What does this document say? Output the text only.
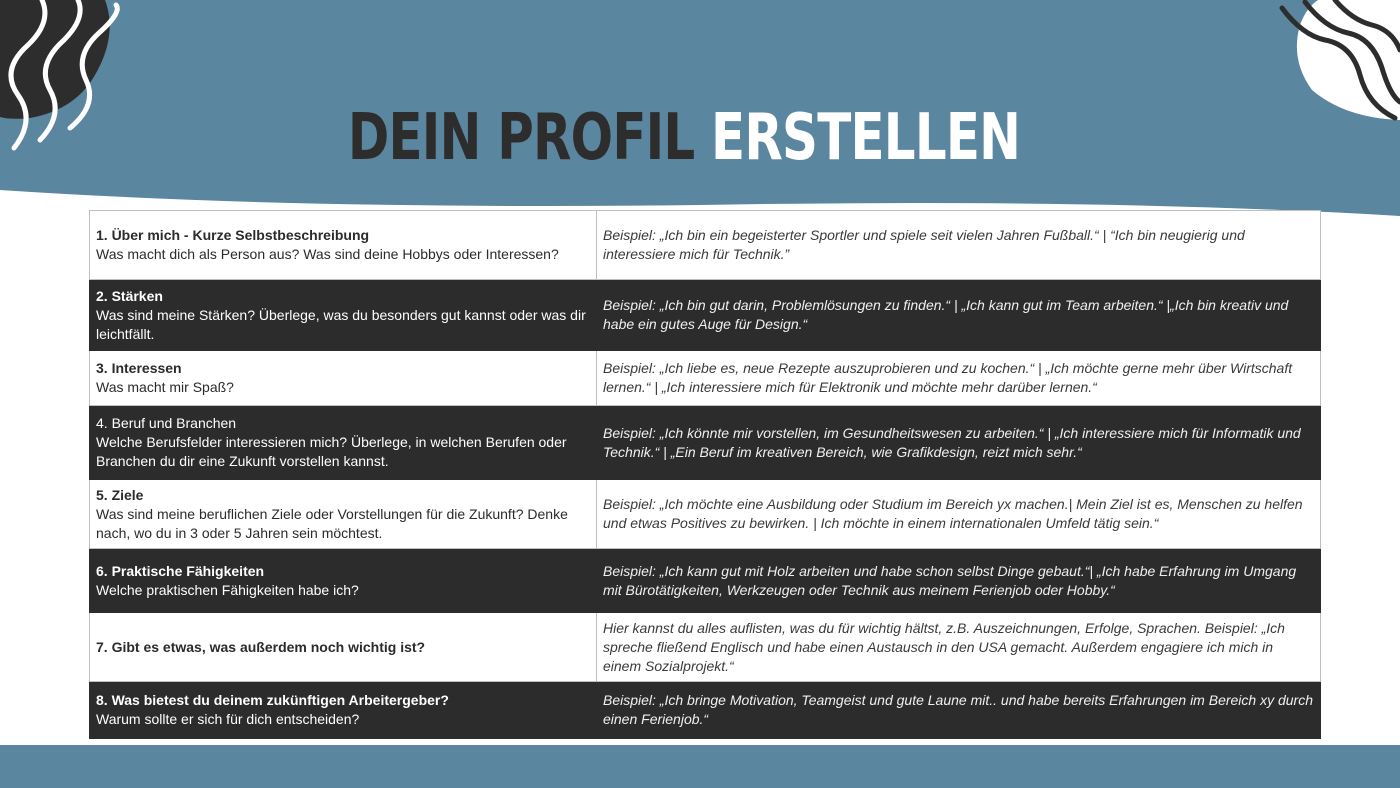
DEIN PROFIL ERSTELLEN
1. Über mich - Kurze Selbstbeschreibung
Was macht dich als Person aus? Was sind deine Hobbys oder Interessen?	Beispiel: „Ich bin ein begeisterter Sportler und spiele seit vielen Jahren Fußball.“ | “Ich bin neugierig und interessiere mich für Technik.”

2. Stärken
Was sind meine Stärken? Überlege, was du besonders gut kannst oder was dir leichtfällt.	Beispiel: „Ich bin gut darin, Problemlösungen zu finden.“ | „Ich kann gut im Team arbeiten.“ |„Ich bin kreativ und habe ein gutes Auge für Design.“

3. Interessen
Was macht mir Spaß?	Beispiel: „Ich liebe es, neue Rezepte auszuprobieren und zu kochen.“ | „Ich möchte gerne mehr über Wirtschaft lernen.“ | „Ich interessiere mich für Elektronik und möchte mehr darüber lernen.“

4. Beruf und Branchen
Welche Berufsfelder interessieren mich? Überlege, in welchen Berufen oder Branchen du dir eine Zukunft vorstellen kannst.	Beispiel: „Ich könnte mir vorstellen, im Gesundheitswesen zu arbeiten.“ | „Ich interessiere mich für Informatik und Technik.“ | „Ein Beruf im kreativen Bereich, wie Grafikdesign, reizt mich sehr.“

5. Ziele
Was sind meine beruflichen Ziele oder Vorstellungen für die Zukunft? Denke nach, wo du in 3 oder 5 Jahren sein möchtest.	Beispiel: „Ich möchte eine Ausbildung oder Studium im Bereich yx machen.| Mein Ziel ist es, Menschen zu helfen und etwas Positives zu bewirken. | Ich möchte in einem internationalen Umfeld tätig sein.“

6. Praktische Fähigkeiten
Welche praktischen Fähigkeiten habe ich?	Beispiel: „Ich kann gut mit Holz arbeiten und habe schon selbst Dinge gebaut.“| „Ich habe Erfahrung im Umgang mit Bürotätigkeiten, Werkzeugen oder Technik aus meinem Ferienjob oder Hobby.“

7. Gibt es etwas, was außerdem noch wichtig ist?	Hier kannst du alles auflisten, was du für wichtig hältst, z.B. Auszeichnungen, Erfolge, Sprachen. Beispiel: „Ich spreche fließend Englisch und habe einen Austausch in den USA gemacht. Außerdem engagiere ich mich in einem Sozialprojekt.“

8. Was bietest du deinem zukünftigen Arbeitergeber?
Warum sollte er sich für dich entscheiden?	Beispiel: „Ich bringe Motivation, Teamgeist und gute Laune mit.. und habe bereits Erfahrungen im Bereich xy durch einen Ferienjob.“
